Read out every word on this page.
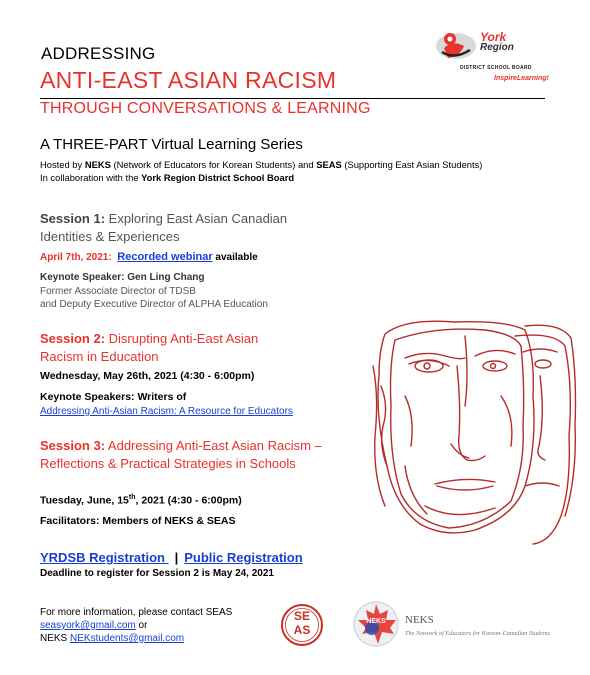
ADDRESSING
ANTI-EAST ASIAN RACISM
THROUGH CONVERSATIONS & LEARNING
York
Region
DISTRICT SCHOOL BOARD
InspireLearning!
A THREE-PART Virtual Learning Series
Hosted by NEKS (Network of Educators for Korean Students) and SEAS (Supporting East Asian Students)
In collaboration with the York Region District School Board
Session 1: Exploring East Asian Canadian Identities & Experiences
April 7th, 2021: Recorded webinar available
Keynote Speaker: Gen Ling Chang
Former Associate Director of TDSB
and Deputy Executive Director of ALPHA Education
Session 2: Disrupting Anti-East Asian Racism in Education
Wednesday, May 26th, 2021 (4:30 - 6:00pm)
Keynote Speakers: Writers of
Addressing Anti-Asian Racism: A Resource for Educators
Session 3: Addressing Anti-East Asian Racism – Reflections & Practical Strategies in Schools
Tuesday, June, 15th, 2021 (4:30 - 6:00pm)
Facilitators: Members of NEKS & SEAS
YRDSB Registration | Public Registration
Deadline to register for Session 2 is May 24, 2021
For more information, please contact SEAS
seasyork@gmail.com or
NEKS NEKstudents@gmail.com
SE
AS
NEKS	NEKS
The Network of Educators for Korean-Canadian Students
